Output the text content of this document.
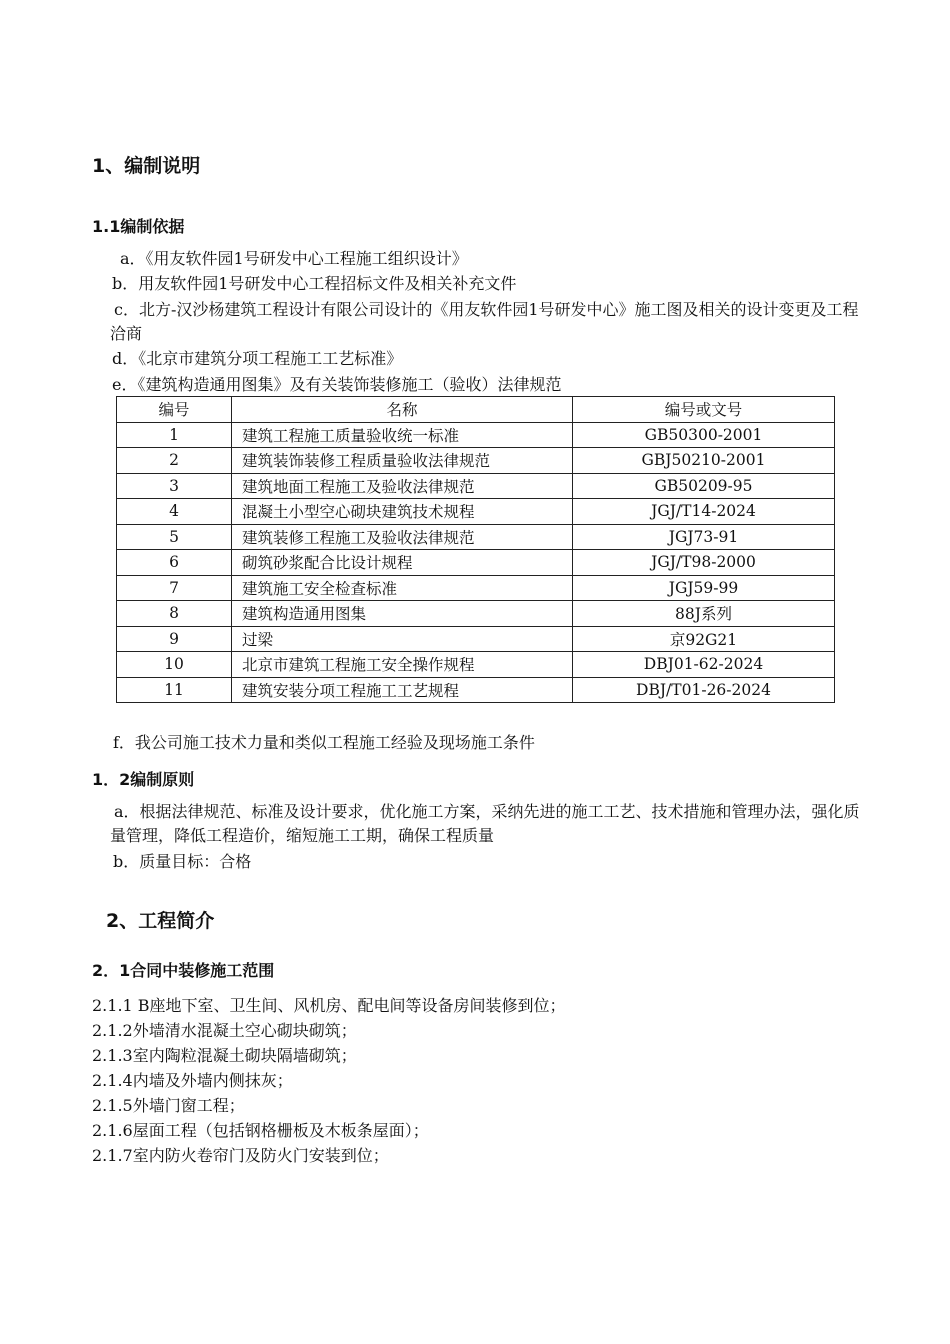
1、编制说明
1.1编制依据
a．《用友软件园1号研发中心工程施工组织设计》
b．用友软件园1号研发中心工程招标文件及相关补充文件
c．北方-汉沙杨建筑工程设计有限公司设计的《用友软件园1号研发中心》施工图及相关的设计变更及工程洽商
d．《北京市建筑分项工程施工工艺标准》
e．《建筑构造通用图集》及有关装饰装修施工（验收）法律规范
编号	名称	编号或文号
1	建筑工程施工质量验收统一标准	GB50300-2001
2	建筑装饰装修工程质量验收法律规范	GBJ50210-2001
3	建筑地面工程施工及验收法律规范	GB50209-95
4	混凝土小型空心砌块建筑技术规程	JGJ/T14-2024
5	建筑装修工程施工及验收法律规范	JGJ73-91
6	砌筑砂浆配合比设计规程	JGJ/T98-2000
7	建筑施工安全检查标准	JGJ59-99
8	建筑构造通用图集	88J系列
9	过梁	京92G21
10	北京市建筑工程施工安全操作规程	DBJ01-62-2024
11	建筑安装分项工程施工工艺规程	DBJ/T01-26-2024
f．我公司施工技术力量和类似工程施工经验及现场施工条件
1．2编制原则
a．根据法律规范、标准及设计要求，优化施工方案，采纳先进的施工工艺、技术措施和管理办法，强化质量管理，降低工程造价，缩短施工工期，确保工程质量
b．质量目标：合格
2、工程简介
2．1合同中装修施工范围
2.1.1 B座地下室、卫生间、风机房、配电间等设备房间装修到位；
2.1.2外墙清水混凝土空心砌块砌筑；
2.1.3室内陶粒混凝土砌块隔墙砌筑；
2.1.4内墙及外墙内侧抹灰；
2.1.5外墙门窗工程；
2.1.6屋面工程（包括钢格栅板及木板条屋面）；
2.1.7室内防火卷帘门及防火门安装到位；
